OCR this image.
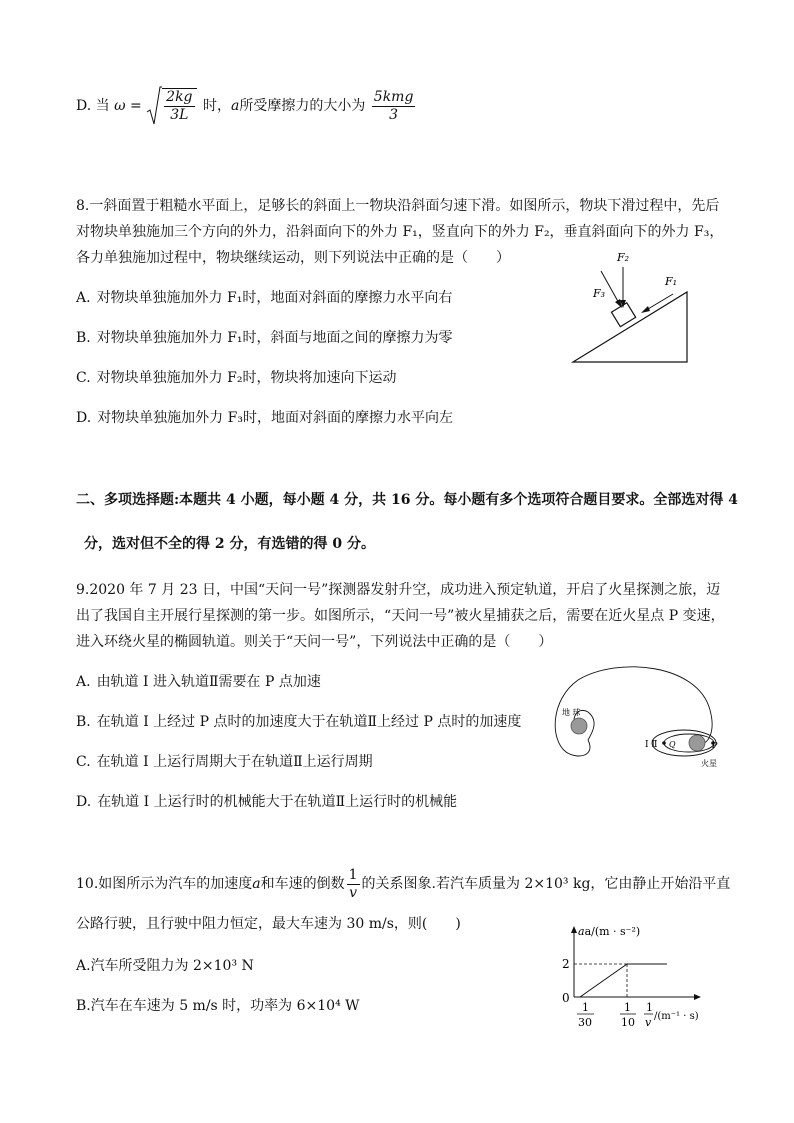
D. 当 $\omega = \frac{2kg}{3L}$ 时，a所受摩擦力的大小为 $\frac{\text{5kmg}}{3}$
8.一斜面置于粗糙水平面上，足够长的斜面上一物块沿斜面匀速下滑。如图所示，物块下滑过程中，先后
对物块单独施加三个方向的外力，沿斜面向下的外力 F₁，竖直向下的外力 F₂，垂直斜面向下的外力 F₃，
各力单独施加过程中，物块继续运动，则下列说法中正确的是（　　）
A. 对物块单独施加外力 F₁时，地面对斜面的摩擦力水平向右
B. 对物块单独施加外力 F₁时，斜面与地面之间的摩擦力为零
C. 对物块单独施加外力 F₂时，物块将加速向下运动
D. 对物块单独施加外力 F₃时，地面对斜面的摩擦力水平向左
F₁
F₂
F₃
二、多项选择题:本题共 4 小题，每小题 4 分，共 16 分。每小题有多个选项符合题目要求。全部选对得 4
分，选对但不全的得 2 分，有选错的得 0 分。
9.2020 年 7 月 23 日，中国“天问一号”探测器发射升空，成功进入预定轨道，开启了火星探测之旅，迈
出了我国自主开展行星探测的第一步。如图所示，“天问一号”被火星捕获之后，需要在近火星点 P 变速，
进入环绕火星的椭圆轨道。则关于“天问一号”，下列说法中正确的是（　　）
A. 由轨道 I 进入轨道Ⅱ需要在 P 点加速
B. 在轨道 I 上经过 P 点时的加速度大于在轨道Ⅱ上经过 P 点时的加速度
C. 在轨道 I 上运行周期大于在轨道Ⅱ上运行周期
D. 在轨道 I 上运行时的机械能大于在轨道Ⅱ上运行时的机械能
地 球
I Ⅱ Q	P
火星
10.如图所示为汽车的加速度a和车速的倒数 $\frac{1}{v}$ 的关系图象.若汽车质量为 2×10³ kg，它由静止开始沿平直
公路行驶，且行驶中阻力恒定，最大车速为 30 m/s，则(　　)
A.汽车所受阻力为 2×10³ N
B.汽车在车速为 5 m/s 时，功率为 6×10⁴ W
aa/(m · s⁻²)
2
0
1
30
1
10
1
v /(m⁻¹ · s)
